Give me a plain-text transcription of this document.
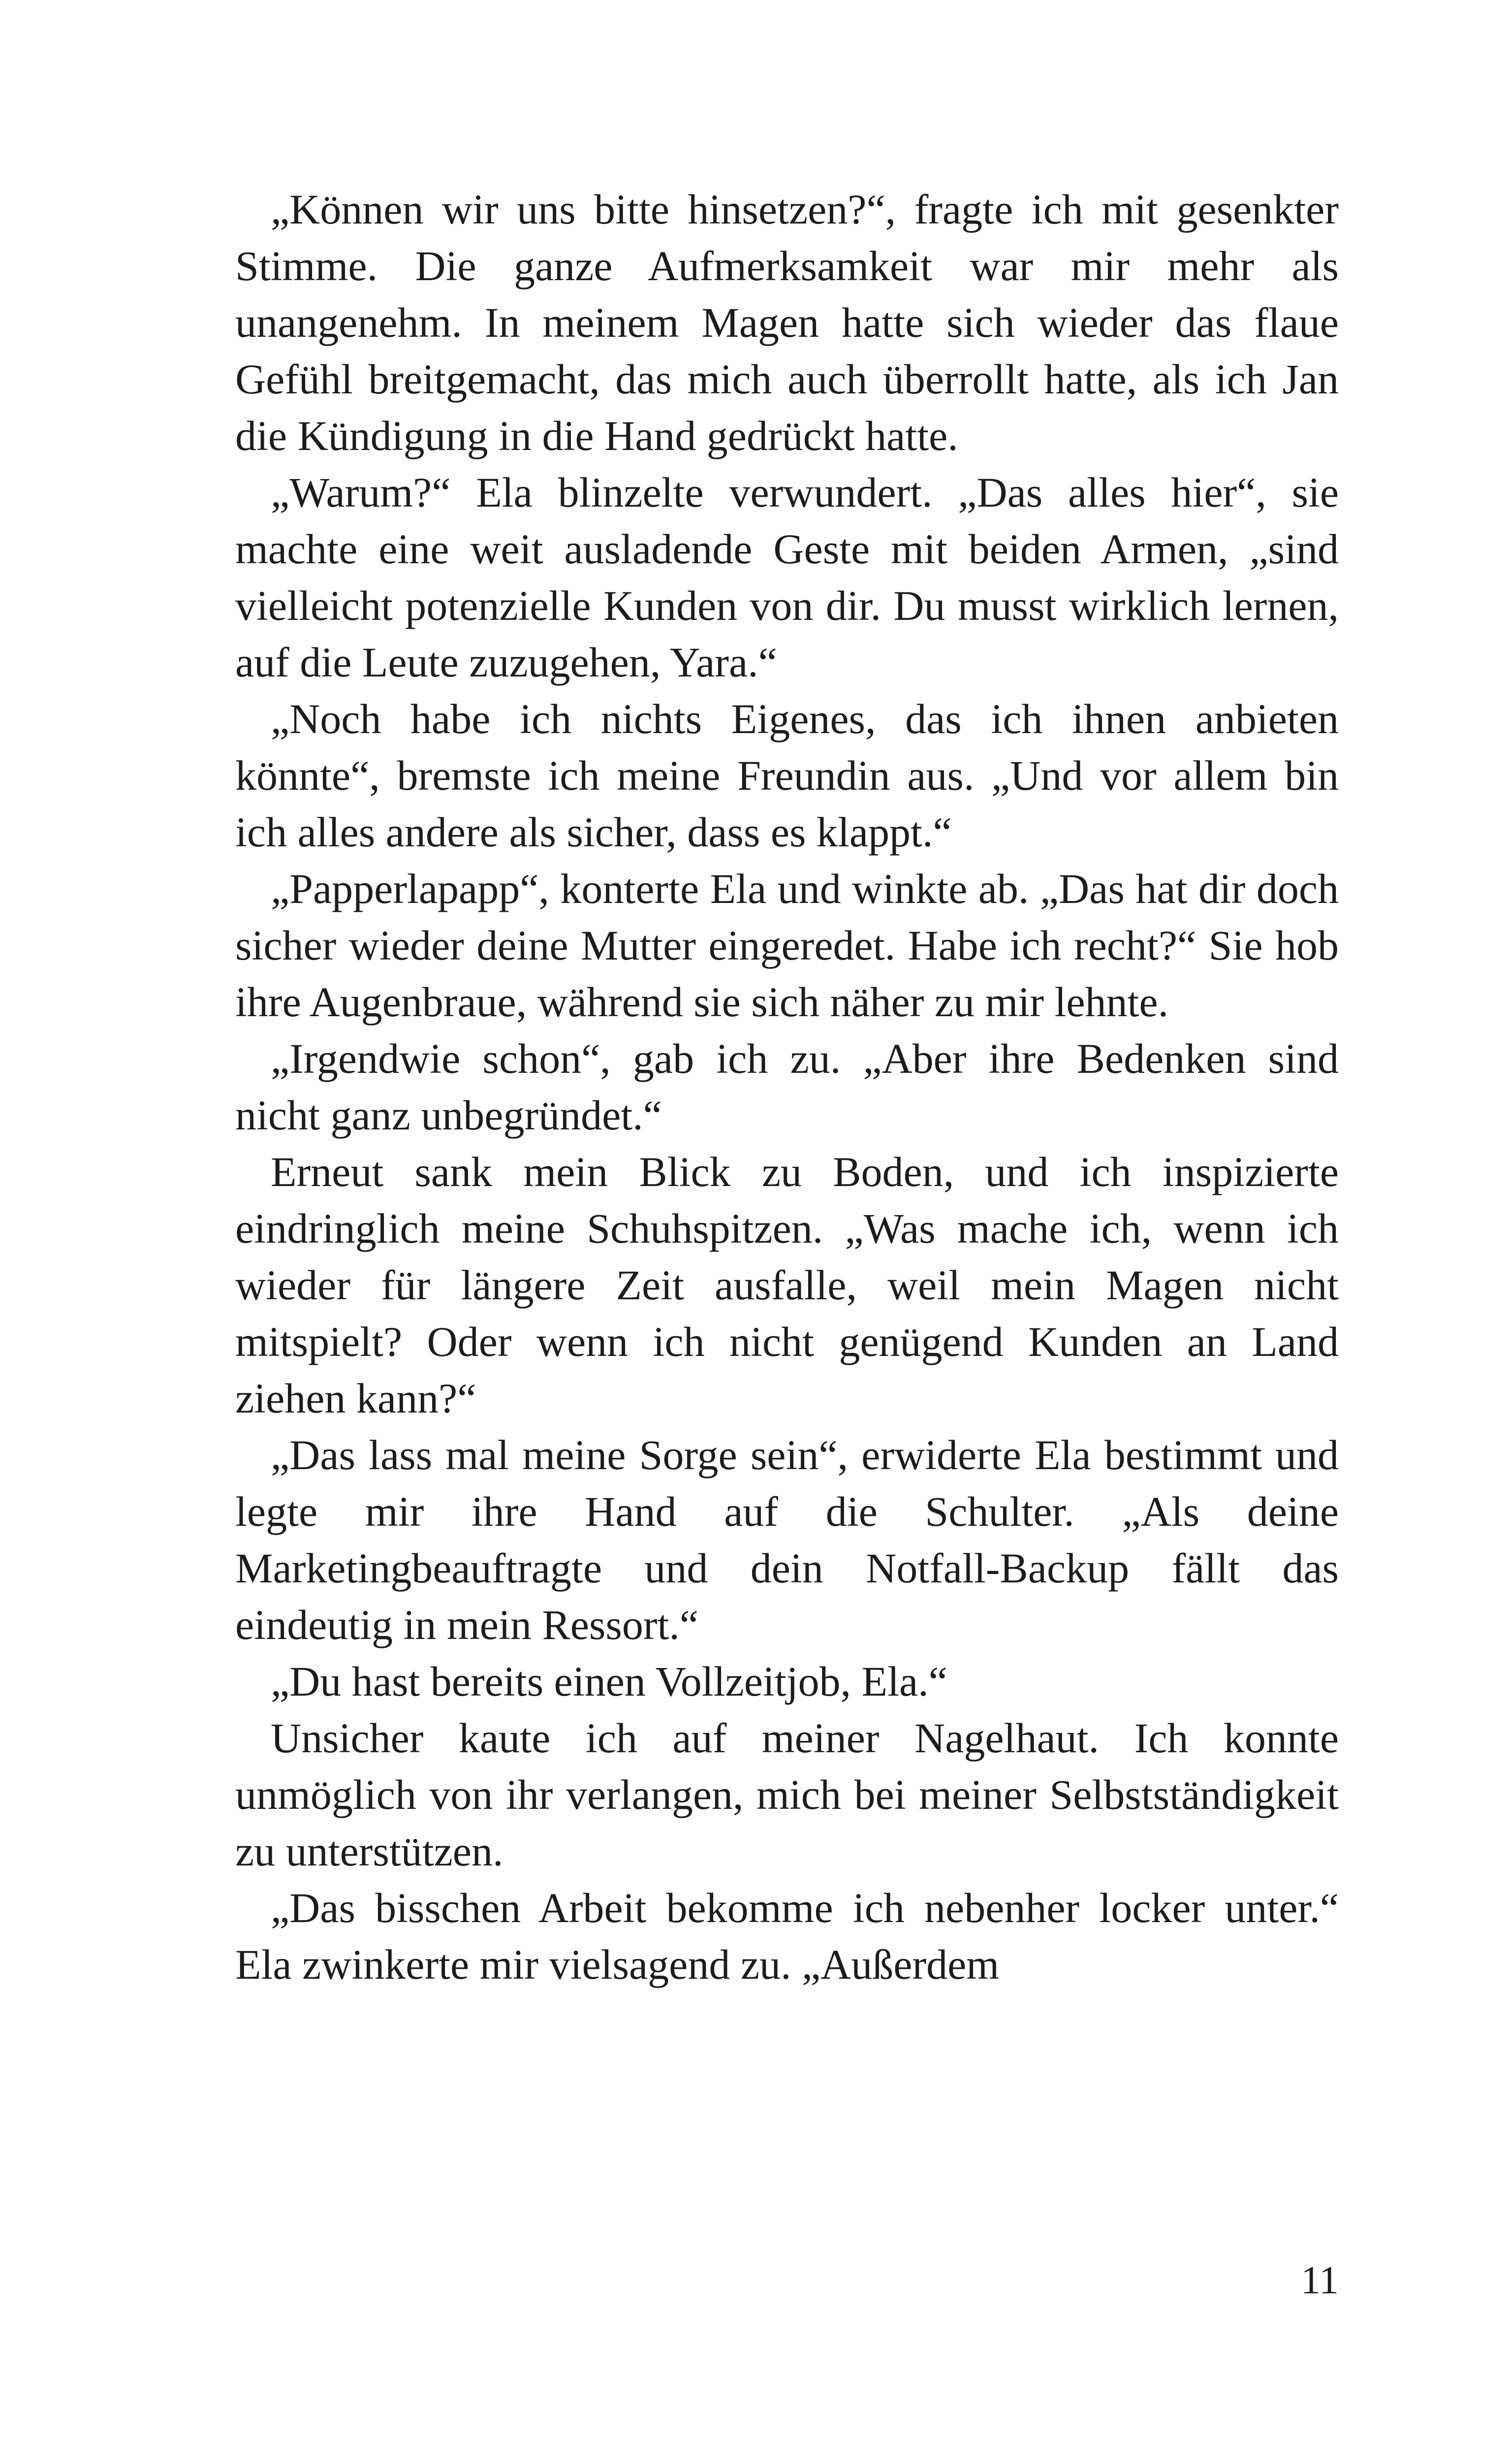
„Können wir uns bitte hinsetzen?“, fragte ich mit gesenkter Stimme. Die ganze Aufmerksamkeit war mir mehr als unangenehm. In meinem Magen hatte sich wieder das flaue Gefühl breitgemacht, das mich auch überrollt hatte, als ich Jan die Kündigung in die Hand gedrückt hatte.

„Warum?“ Ela blinzelte verwundert. „Das alles hier“, sie machte eine weit ausladende Geste mit beiden Armen, „sind vielleicht potenzielle Kunden von dir. Du musst wirklich lernen, auf die Leute zuzugehen, Yara.“

„Noch habe ich nichts Eigenes, das ich ihnen anbieten könnte“, bremste ich meine Freundin aus. „Und vor allem bin ich alles andere als sicher, dass es klappt.“

„Papperlapapp“, konterte Ela und winkte ab. „Das hat dir doch sicher wieder deine Mutter eingeredet. Habe ich recht?“ Sie hob ihre Augenbraue, während sie sich näher zu mir lehnte.

„Irgendwie schon“, gab ich zu. „Aber ihre Bedenken sind nicht ganz unbegründet.“

Erneut sank mein Blick zu Boden, und ich inspizierte eindringlich meine Schuhspitzen. „Was mache ich, wenn ich wieder für längere Zeit ausfalle, weil mein Magen nicht mitspielt? Oder wenn ich nicht genügend Kunden an Land ziehen kann?“

„Das lass mal meine Sorge sein“, erwiderte Ela bestimmt und legte mir ihre Hand auf die Schulter. „Als deine Marketingbeauftragte und dein Notfall-Backup fällt das eindeutig in mein Ressort.“

„Du hast bereits einen Vollzeitjob, Ela.“

Unsicher kaute ich auf meiner Nagelhaut. Ich konnte unmöglich von ihr verlangen, mich bei meiner Selbstständigkeit zu unterstützen.

„Das bisschen Arbeit bekomme ich nebenher locker unter.“ Ela zwinkerte mir vielsagend zu. „Außerdem

11
